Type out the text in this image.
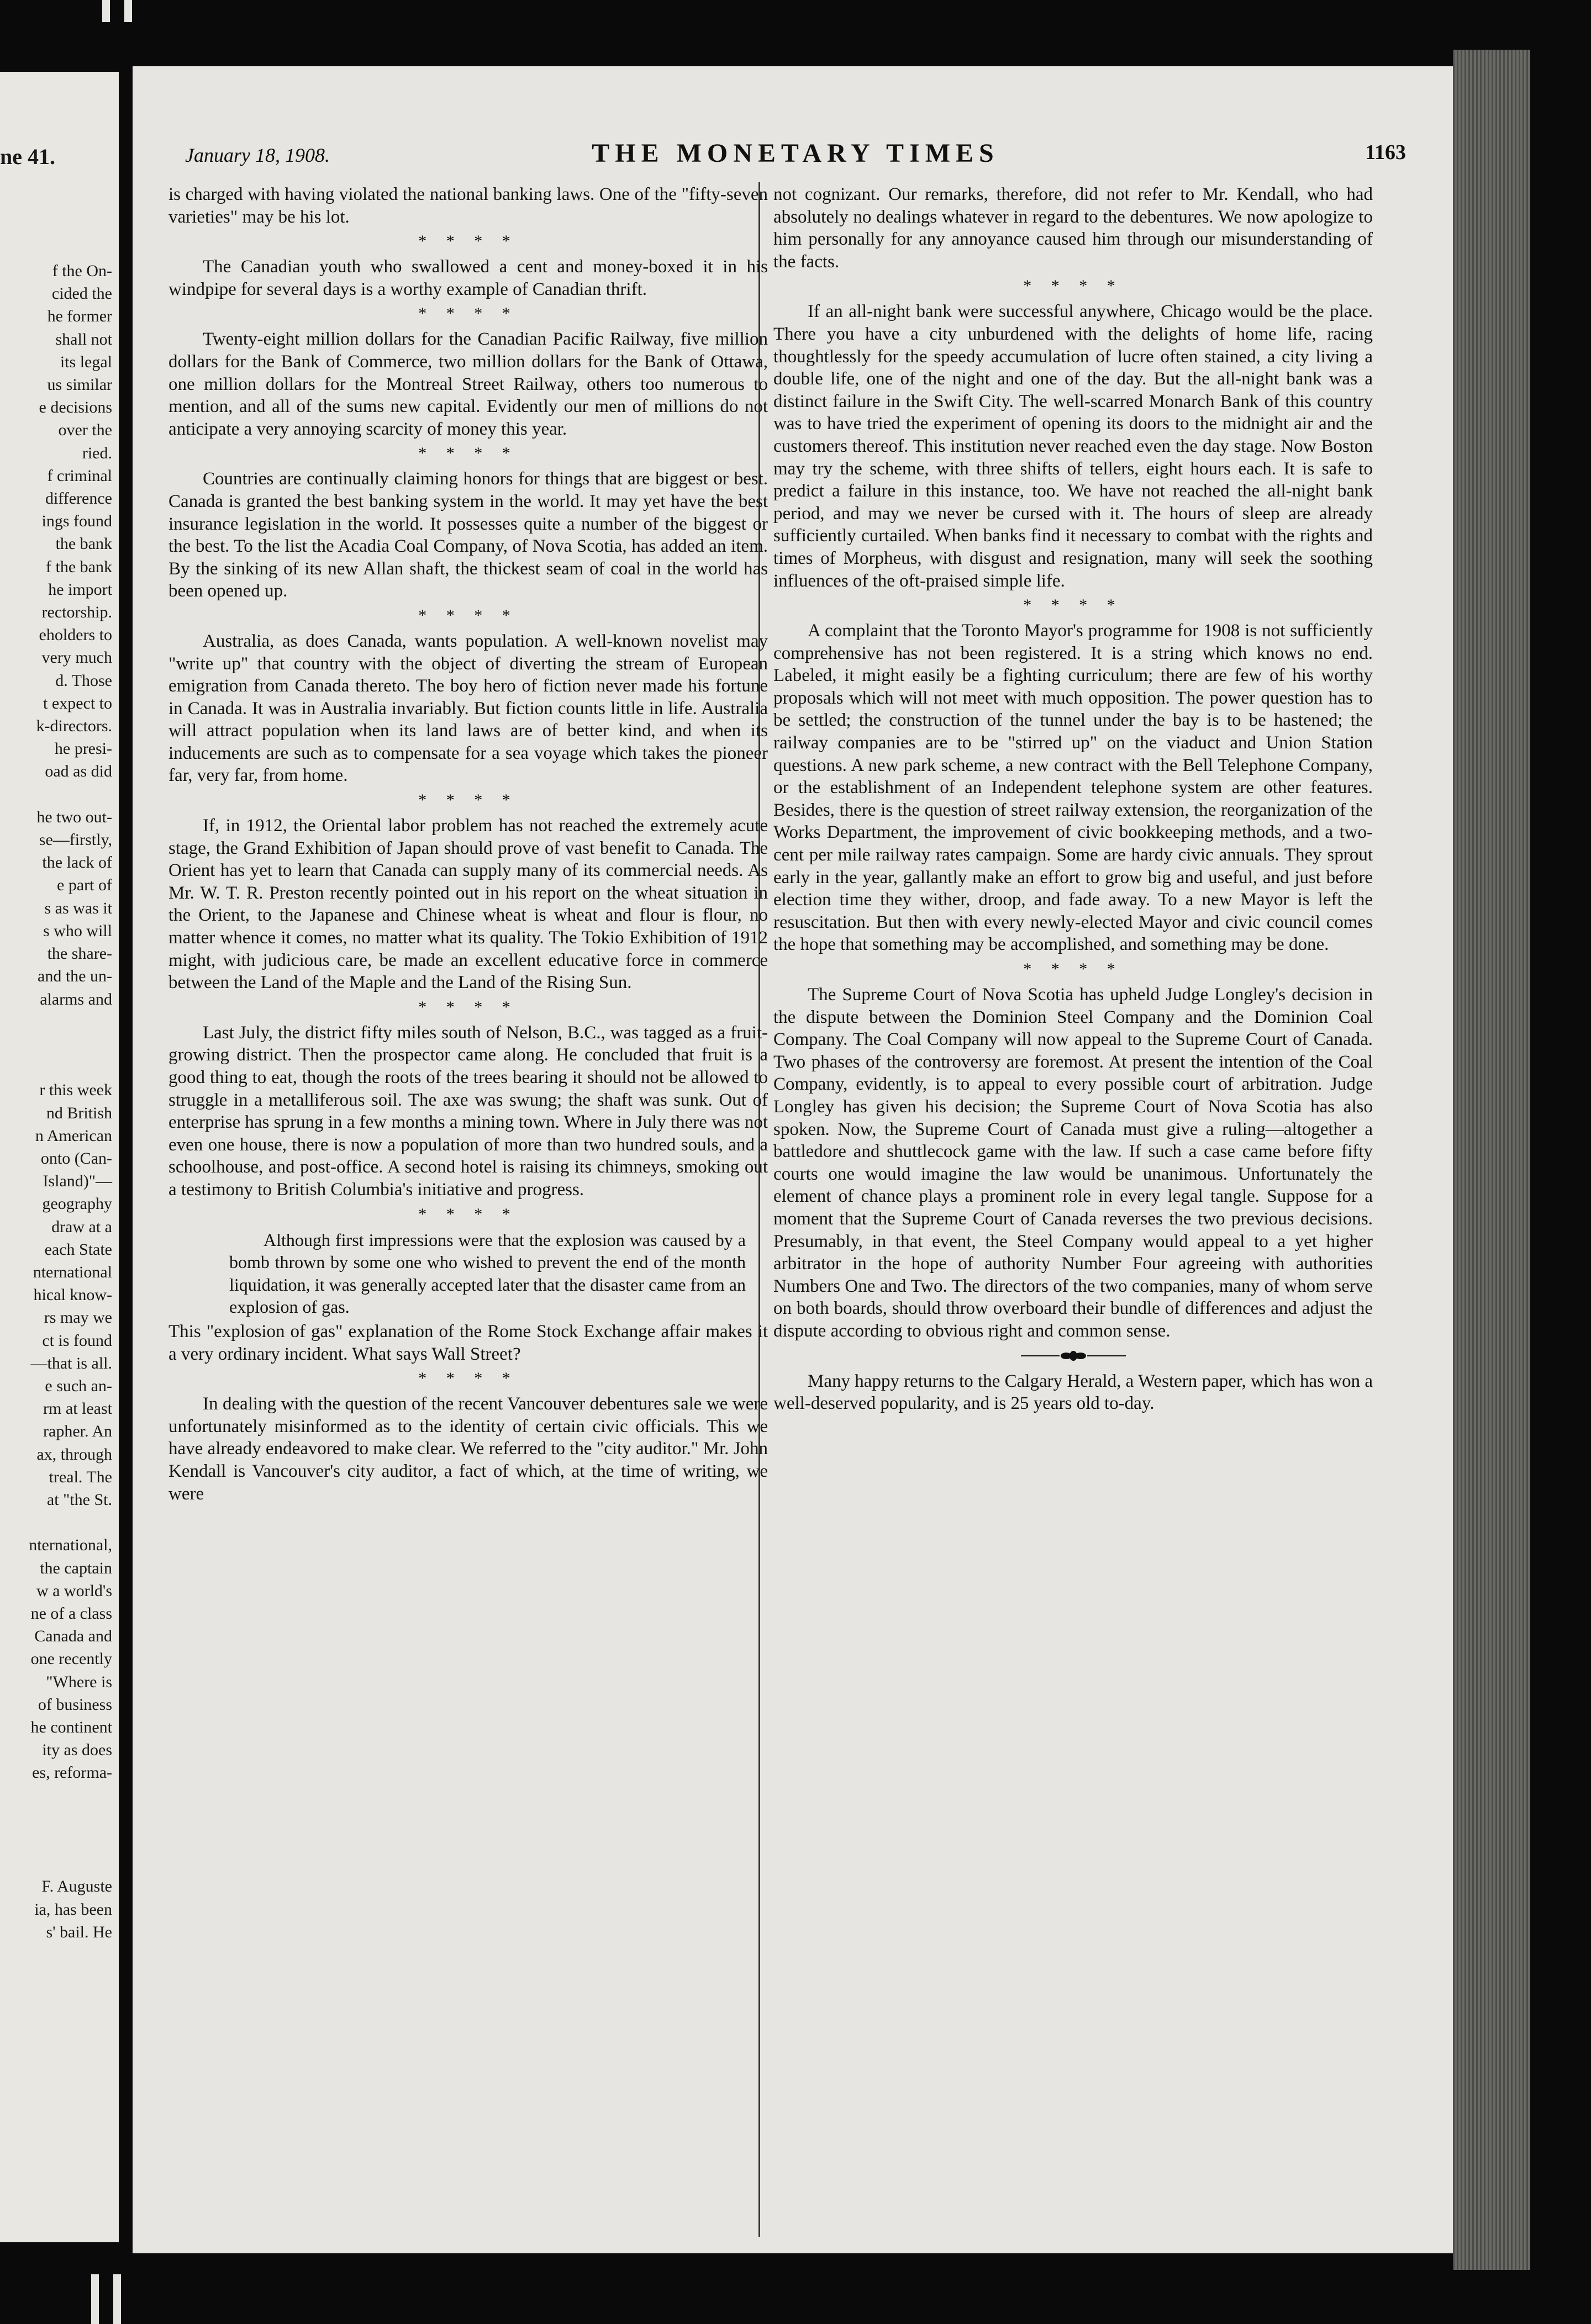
ne 41.
f the On-
cided the
he former
shall not
its legal
us similar
e decisions
over the
ried.
f criminal
difference
ings found
the bank
f the bank
he import
rectorship.
eholders to
very much
d. Those
t expect to
k-directors.
he presi-
oad as did

he two out-
se—firstly,
the lack of
e part of
s as was it
s who will
the share-
and the un-
alarms and

r this week
nd British
n American
onto (Can-
Island)"—
geography
draw at a
each State
nternational
hical know-
rs may we
ct is found
—that is all.
e such an-
rm at least
rapher. An
ax, through
treal. The
at "the St.

nternational,
the captain
w a world's
ne of a class
Canada and
one recently
"Where is
of business
he continent
ity as does
es, reforma-

F. Auguste
ia, has been
s' bail. He
January 18, 1908.	THE MONETARY TIMES	1163

is charged with having violated the national banking laws. One of the "fifty-seven varieties" may be his lot.

* * * *

The Canadian youth who swallowed a cent and money-boxed it in his windpipe for several days is a worthy example of Canadian thrift.

* * * *

Twenty-eight million dollars for the Canadian Pacific Railway, five million dollars for the Bank of Commerce, two million dollars for the Bank of Ottawa, one million dollars for the Montreal Street Railway, others too numerous to mention, and all of the sums new capital. Evidently our men of millions do not anticipate a very annoying scarcity of money this year.

* * * *

Countries are continually claiming honors for things that are biggest or best. Canada is granted the best banking system in the world. It may yet have the best insurance legislation in the world. It possesses quite a number of the biggest or the best. To the list the Acadia Coal Company, of Nova Scotia, has added an item. By the sinking of its new Allan shaft, the thickest seam of coal in the world has been opened up.

* * * *

Australia, as does Canada, wants population. A well-known novelist may "write up" that country with the object of diverting the stream of European emigration from Canada thereto. The boy hero of fiction never made his fortune in Canada. It was in Australia invariably. But fiction counts little in life. Australia will attract population when its land laws are of better kind, and when its inducements are such as to compensate for a sea voyage which takes the pioneer far, very far, from home.

* * * *

If, in 1912, the Oriental labor problem has not reached the extremely acute stage, the Grand Exhibition of Japan should prove of vast benefit to Canada. The Orient has yet to learn that Canada can supply many of its commercial needs. As Mr. W. T. R. Preston recently pointed out in his report on the wheat situation in the Orient, to the Japanese and Chinese wheat is wheat and flour is flour, no matter whence it comes, no matter what its quality. The Tokio Exhibition of 1912 might, with judicious care, be made an excellent educative force in commerce between the Land of the Maple and the Land of the Rising Sun.

* * * *

Last July, the district fifty miles south of Nelson, B.C., was tagged as a fruit-growing district. Then the prospector came along. He concluded that fruit is a good thing to eat, though the roots of the trees bearing it should not be allowed to struggle in a metalliferous soil. The axe was swung; the shaft was sunk. Out of enterprise has sprung in a few months a mining town. Where in July there was not even one house, there is now a population of more than two hundred souls, and a schoolhouse, and post-office. A second hotel is raising its chimneys, smoking out a testimony to British Columbia's initiative and progress.

* * * *

Although first impressions were that the explosion was caused by a bomb thrown by some one who wished to prevent the end of the month liquidation, it was generally accepted later that the disaster came from an explosion of gas.

This "explosion of gas" explanation of the Rome Stock Exchange affair makes it a very ordinary incident. What says Wall Street?

* * * *

In dealing with the question of the recent Vancouver debentures sale we were unfortunately misinformed as to the identity of certain civic officials. This we have already endeavored to make clear. We referred to the "city auditor." Mr. John Kendall is Vancouver's city auditor, a fact of which, at the time of writing, we were

not cognizant. Our remarks, therefore, did not refer to Mr. Kendall, who had absolutely no dealings whatever in regard to the debentures. We now apologize to him personally for any annoyance caused him through our misunderstanding of the facts.

* * * *

If an all-night bank were successful anywhere, Chicago would be the place. There you have a city unburdened with the delights of home life, racing thoughtlessly for the speedy accumulation of lucre often stained, a city living a double life, one of the night and one of the day. But the all-night bank was a distinct failure in the Swift City. The well-scarred Monarch Bank of this country was to have tried the experiment of opening its doors to the midnight air and the customers thereof. This institution never reached even the day stage. Now Boston may try the scheme, with three shifts of tellers, eight hours each. It is safe to predict a failure in this instance, too. We have not reached the all-night bank period, and may we never be cursed with it. The hours of sleep are already sufficiently curtailed. When banks find it necessary to combat with the rights and times of Morpheus, with disgust and resignation, many will seek the soothing influences of the oft-praised simple life.

* * * *

A complaint that the Toronto Mayor's programme for 1908 is not sufficiently comprehensive has not been registered. It is a string which knows no end. Labeled, it might easily be a fighting curriculum; there are few of his worthy proposals which will not meet with much opposition. The power question has to be settled; the construction of the tunnel under the bay is to be hastened; the railway companies are to be "stirred up" on the viaduct and Union Station questions. A new park scheme, a new contract with the Bell Telephone Company, or the establishment of an Independent telephone system are other features. Besides, there is the question of street railway extension, the reorganization of the Works Department, the improvement of civic bookkeeping methods, and a two-cent per mile railway rates campaign. Some are hardy civic annuals. They sprout early in the year, gallantly make an effort to grow big and useful, and just before election time they wither, droop, and fade away. To a new Mayor is left the resuscitation. But then with every newly-elected Mayor and civic council comes the hope that something may be accomplished, and something may be done.

* * * *

The Supreme Court of Nova Scotia has upheld Judge Longley's decision in the dispute between the Dominion Steel Company and the Dominion Coal Company. The Coal Company will now appeal to the Supreme Court of Canada. Two phases of the controversy are foremost. At present the intention of the Coal Company, evidently, is to appeal to every possible court of arbitration. Judge Longley has given his decision; the Supreme Court of Nova Scotia has also spoken. Now, the Supreme Court of Canada must give a ruling—altogether a battledore and shuttlecock game with the law. If such a case came before fifty courts one would imagine the law would be unanimous. Unfortunately the element of chance plays a prominent role in every legal tangle. Suppose for a moment that the Supreme Court of Canada reverses the two previous decisions. Presumably, in that event, the Steel Company would appeal to a yet higher arbitrator in the hope of authority Number Four agreeing with authorities Numbers One and Two. The directors of the two companies, many of whom serve on both boards, should throw overboard their bundle of differences and adjust the dispute according to obvious right and common sense.

Many happy returns to the Calgary Herald, a Western paper, which has won a well-deserved popularity, and is 25 years old to-day.
